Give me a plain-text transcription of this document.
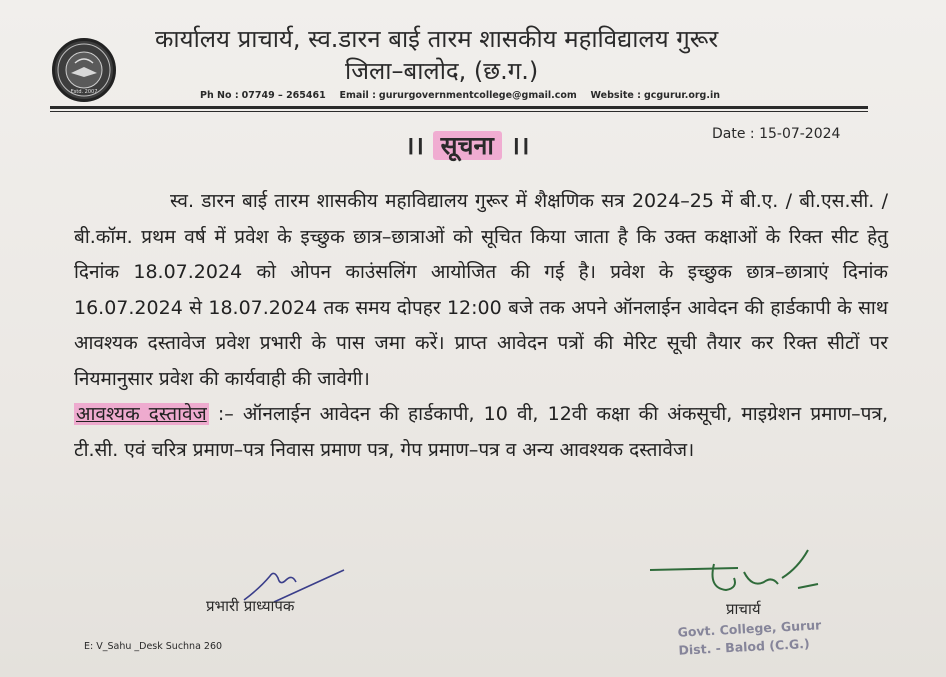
Estd. 2007
कार्यालय प्राचार्य, स्व.डारन बाई तारम शासकीय महाविद्यालय गुरूर
जिला–बालोद, (छ.ग.)
Ph No : 07749 – 265461 Email : gururgovernmentcollege@gmail.com Website : gcgurur.org.in
Date : 15-07-2024
।। सूचना ।।
स्व. डारन बाई तारम शासकीय महाविद्यालय गुरूर में शैक्षणिक सत्र 2024–25 में बी.ए. / बी.एस.सी. / बी.कॉम. प्रथम वर्ष में प्रवेश के इच्छुक छात्र–छात्राओं को सूचित किया जाता है कि उक्त कक्षाओं के रिक्त सीट हेतु दिनांक 18.07.2024 को ओपन काउंसलिंग आयोजित की गई है। प्रवेश के इच्छुक छात्र–छात्राएं दिनांक 16.07.2024 से 18.07.2024 तक समय दोपहर 12:00 बजे तक अपने ऑनलाईन आवेदन की हार्डकापी के साथ आवश्यक दस्तावेज प्रवेश प्रभारी के पास जमा करें। प्राप्त आवेदन पत्रों की मेरिट सूची तैयार कर रिक्त सीटों पर नियमानुसार प्रवेश की कार्यवाही की जावेगी।
आवश्यक दस्तावेज :– ऑनलाईन आवेदन की हार्डकापी, 10 वी, 12वी कक्षा की अंकसूची, माइग्रेशन प्रमाण–पत्र, टी.सी. एवं चरित्र प्रमाण–पत्र निवास प्रमाण पत्र, गेप प्रमाण–पत्र व अन्य आवश्यक दस्तावेज।
प्रभारी प्राध्यापक	प्राचार्य
Govt. College, Gurur
Dist. - Balod (C.G.)
E: V_Sahu _Desk Suchna 260
